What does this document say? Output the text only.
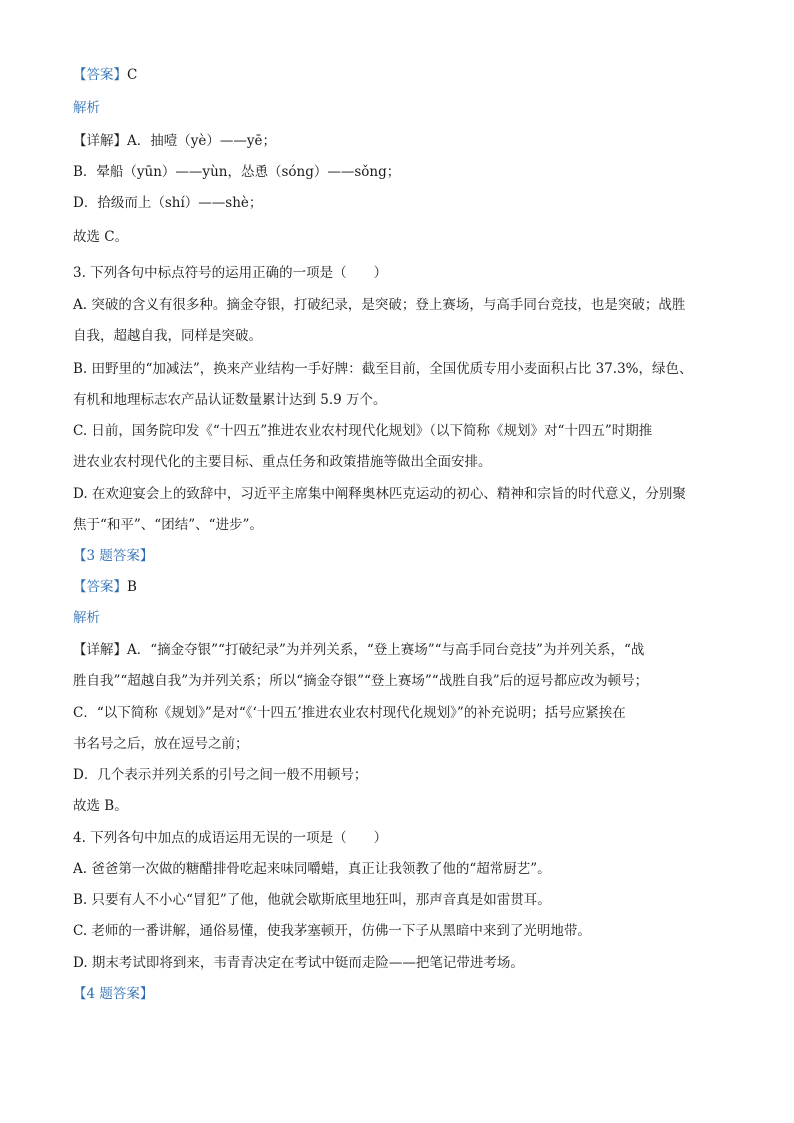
【答案】C
解析
【详解】A．抽噎（yè）——yē；
B．晕船（yūn）——yùn，怂恿（sóng）——sǒng；
D．拾级而上（shí）——shè；
故选 C。
3. 下列各句中标点符号的运用正确的一项是（　　）
A. 突破的含义有很多种。摘金夺银，打破纪录，是突破；登上赛场，与高手同台竞技，也是突破；战胜
自我，超越自我，同样是突破。
B. 田野里的“加减法”，换来产业结构一手好牌：截至目前，全国优质专用小麦面积占比 37.3%，绿色、
有机和地理标志农产品认证数量累计达到 5.9 万个。
C. 日前，国务院印发《“十四五”推进农业农村现代化规划》（以下简称《规划》对“十四五”时期推
进农业农村现代化的主要目标、重点任务和政策措施等做出全面安排。
D. 在欢迎宴会上的致辞中，习近平主席集中阐释奥林匹克运动的初心、精神和宗旨的时代意义，分别聚
焦于“和平”、“团结”、“进步”。
【3 题答案】
【答案】B
解析
【详解】A．“摘金夺银”“打破纪录”为并列关系，“登上赛场”“与高手同台竞技”为并列关系，“战
胜自我”“超越自我”为并列关系；所以“摘金夺银”“登上赛场”“战胜自我”后的逗号都应改为顿号；
C．“以下简称《规划》”是对“《‘十四五’推进农业农村现代化规划》”的补充说明；括号应紧挨在
书名号之后，放在逗号之前；
D．几个表示并列关系的引号之间一般不用顿号；
故选 B。
4. 下列各句中加点的成语运用无误的一项是（　　）
A. 爸爸第一次做的糖醋排骨吃起来味同嚼蜡，真正让我领教了他的“超常厨艺”。
B. 只要有人不小心“冒犯”了他，他就会歇斯底里地狂叫，那声音真是如雷贯耳。
C. 老师的一番讲解，通俗易懂，使我茅塞顿开，仿佛一下子从黑暗中来到了光明地带。
D. 期末考试即将到来，韦青青决定在考试中铤而走险——把笔记带进考场。
【4 题答案】
